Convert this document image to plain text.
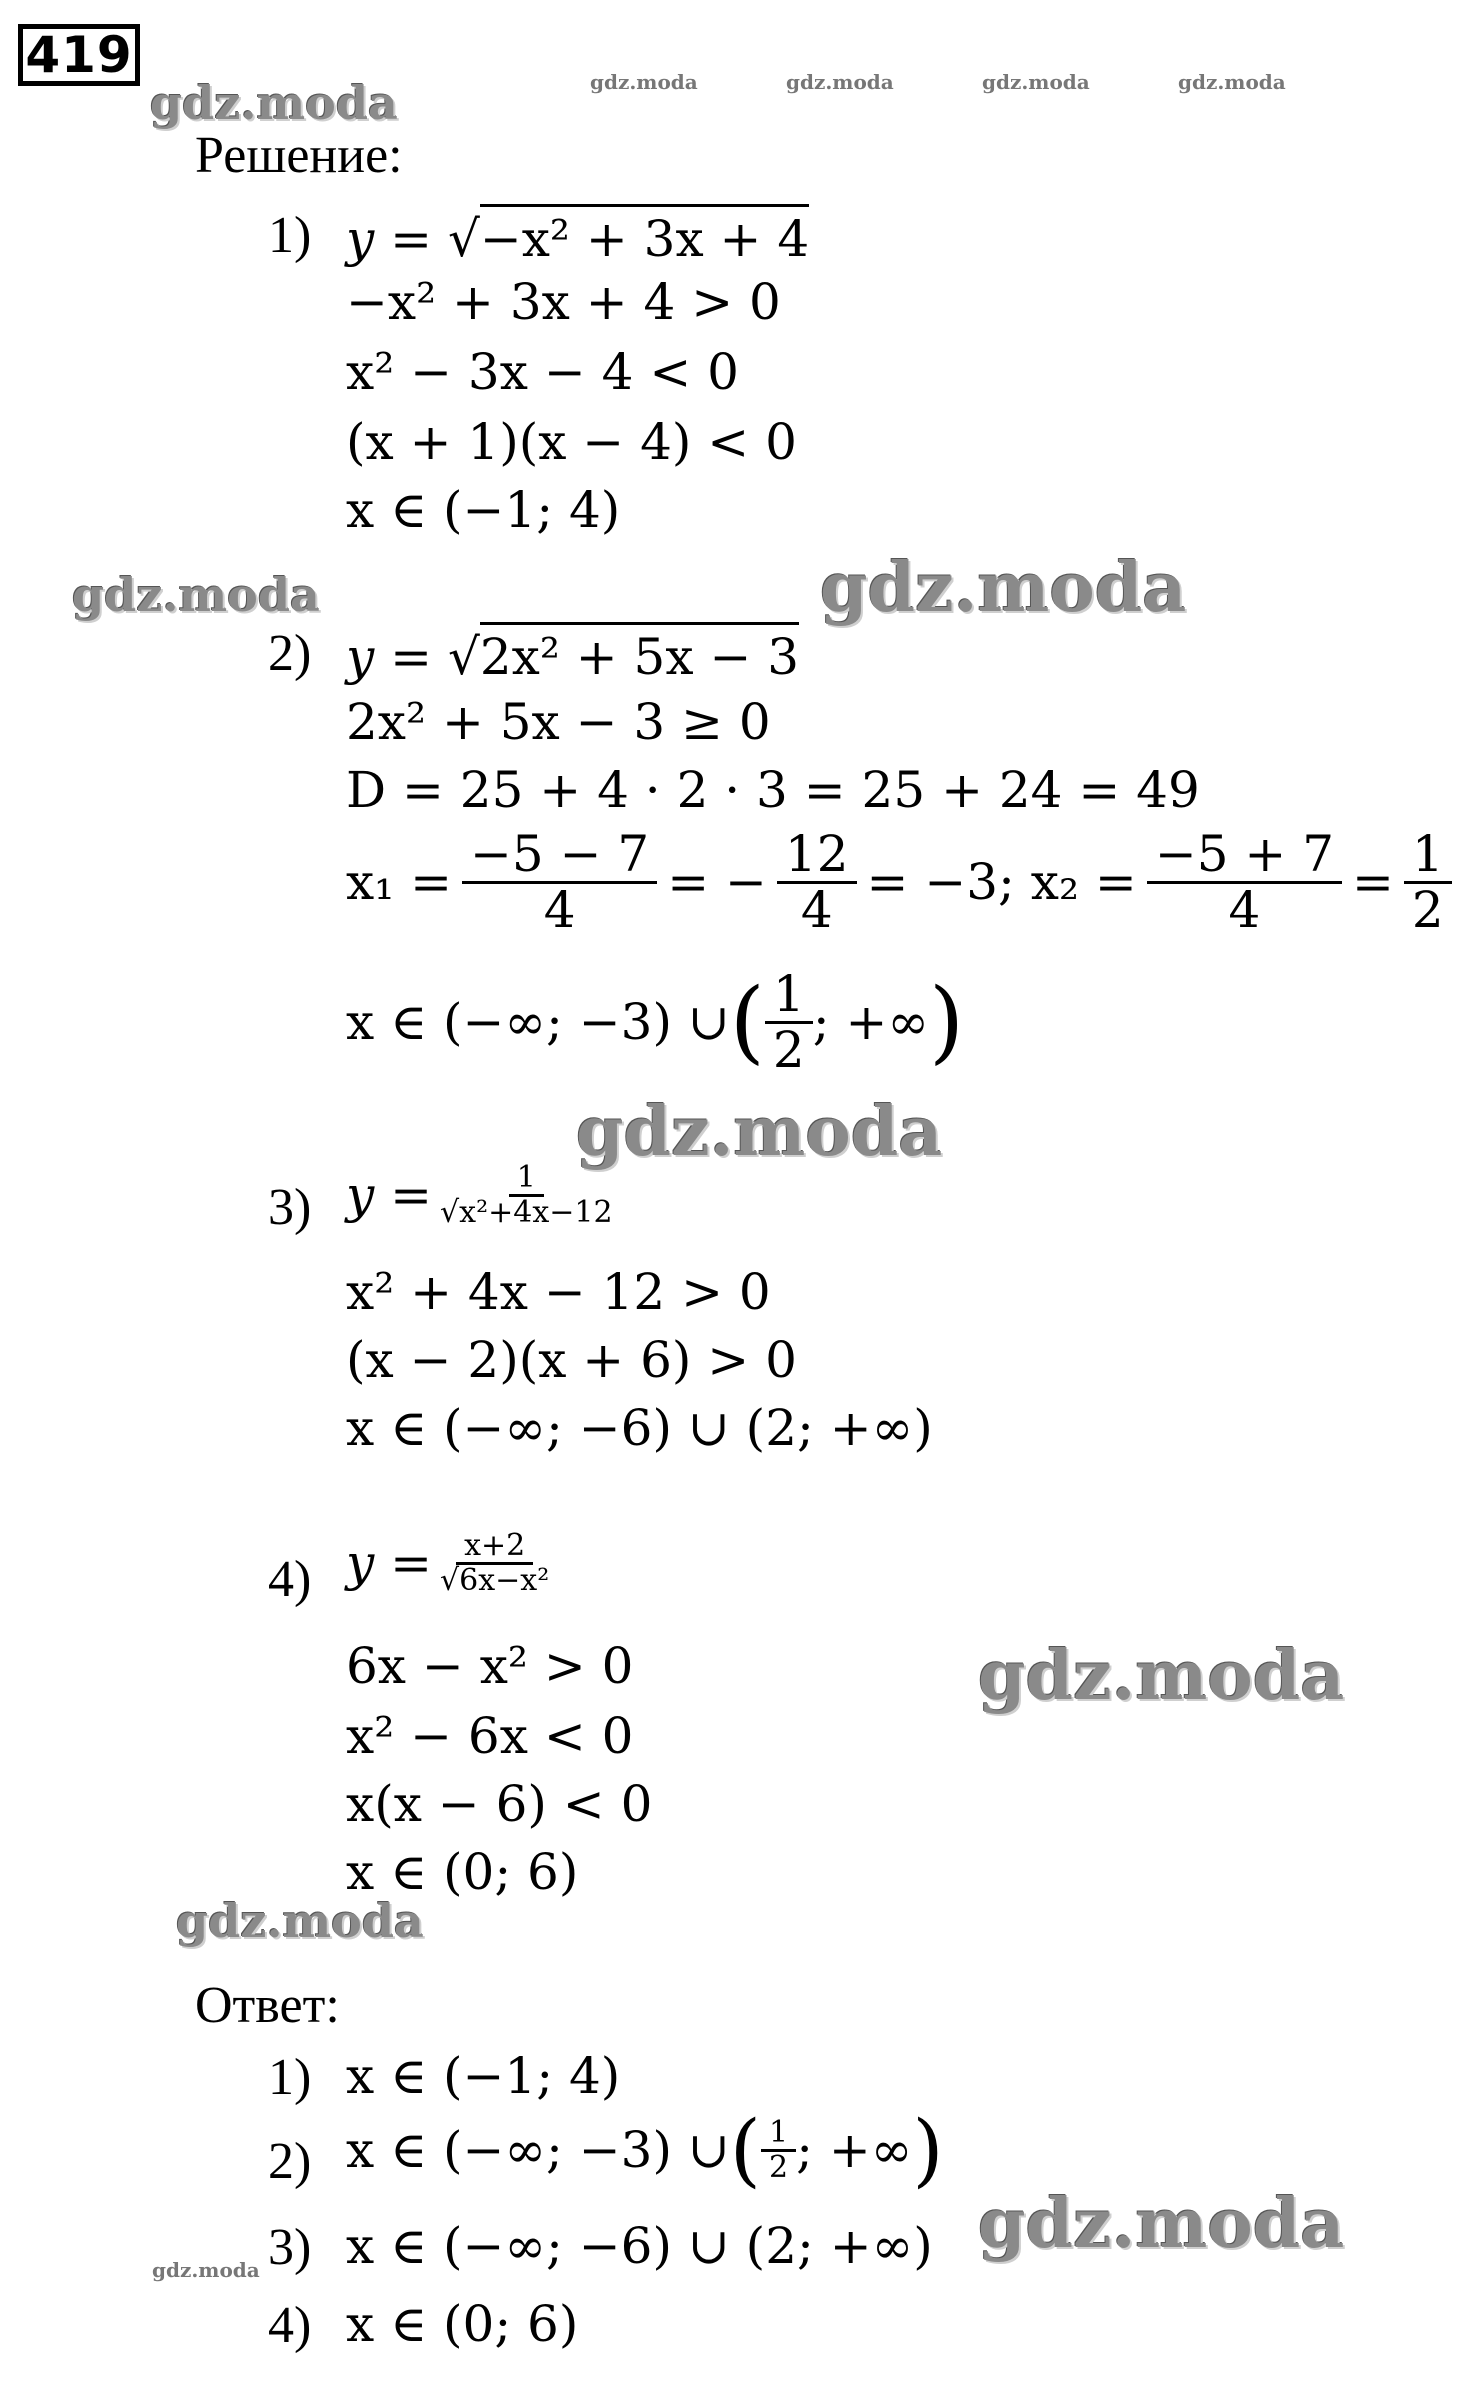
419
gdz.moda	gdz.moda	gdz.moda	gdz.moda	gdz.moda
gdz.moda	gdz.moda
gdz.moda
gdz.moda
gdz.moda
gdz.moda
gdz.moda
Решение:
1) y = √−x² + 3x + 4
−x² + 3x + 4 > 0
x² − 3x − 4 < 0
(x + 1)(x − 4) < 0
x ∈ (−1; 4)
2) y = √2x² + 5x − 3
2x² + 5x − 3 ≥ 0
D = 25 + 4 · 2 · 3 = 25 + 24 = 49
$x_1 = \frac{-5 - 7}{4}$ = − $\frac{12}{4} = -3$; $x_2 = \frac{-5 + 7}{4} = \frac{1}{2}$
x ∈ (−∞; −3) ∪ ( $\frac{1}{2}$ ; +∞ )
3) $y = \frac{1}{\text{√x²+4x−12}}$
x² + 4x − 12 > 0
(x − 2)(x + 6) > 0
x ∈ (−∞; −6) ∪ (2; +∞)
4) $y = \frac{x+2}{\text{√6x−x²}}$
6x − x² > 0
x² − 6x < 0
x(x − 6) < 0
x ∈ (0; 6)
Ответ:
1) x ∈ (−1; 4)
2) x ∈ (−∞; −3) ∪ ( $\frac{1}{2}$ ; +∞ )
3) x ∈ (−∞; −6) ∪ (2; +∞)
4) x ∈ (0; 6)
